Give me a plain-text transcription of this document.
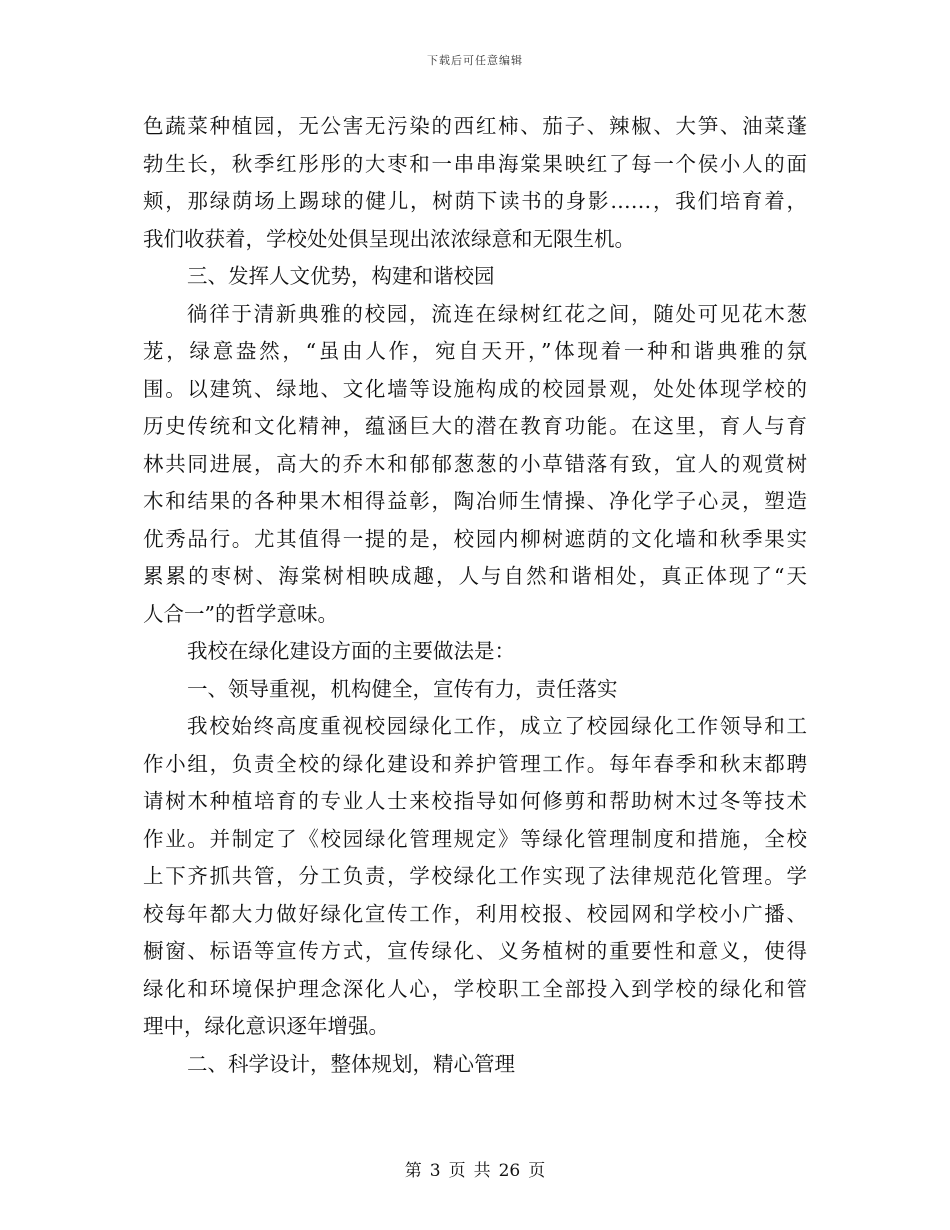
下载后可任意编辑
色蔬菜种植园，无公害无污染的西红柿、茄子、辣椒、大笋、油菜蓬
勃生长，秋季红彤彤的大枣和一串串海棠果映红了每一个侯小人的面
颊，那绿荫场上踢球的健儿，树荫下读书的身影……，我们培育着，
我们收获着，学校处处俱呈现出浓浓绿意和无限生机。
三、发挥人文优势，构建和谐校园
徜徉于清新典雅的校园，流连在绿树红花之间，随处可见花木葱
茏，绿意盎然，“虽由人作，宛自天开，”体现着一种和谐典雅的氛
围。以建筑、绿地、文化墙等设施构成的校园景观，处处体现学校的
历史传统和文化精神，蕴涵巨大的潜在教育功能。在这里，育人与育
林共同进展，高大的乔木和郁郁葱葱的小草错落有致，宜人的观赏树
木和结果的各种果木相得益彰，陶冶师生情操、净化学子心灵，塑造
优秀品行。尤其值得一提的是，校园内柳树遮荫的文化墙和秋季果实
累累的枣树、海棠树相映成趣，人与自然和谐相处，真正体现了“天
人合一”的哲学意味。
我校在绿化建设方面的主要做法是：
一、领导重视，机构健全，宣传有力，责任落实
我校始终高度重视校园绿化工作，成立了校园绿化工作领导和工
作小组，负责全校的绿化建设和养护管理工作。每年春季和秋末都聘
请树木种植培育的专业人士来校指导如何修剪和帮助树木过冬等技术
作业。并制定了《校园绿化管理规定》等绿化管理制度和措施，全校
上下齐抓共管，分工负责，学校绿化工作实现了法律规范化管理。学
校每年都大力做好绿化宣传工作，利用校报、校园网和学校小广播、
橱窗、标语等宣传方式，宣传绿化、义务植树的重要性和意义，使得
绿化和环境保护理念深化人心，学校职工全部投入到学校的绿化和管
理中，绿化意识逐年增强。
二、科学设计，整体规划，精心管理
第 3 页 共 26 页
